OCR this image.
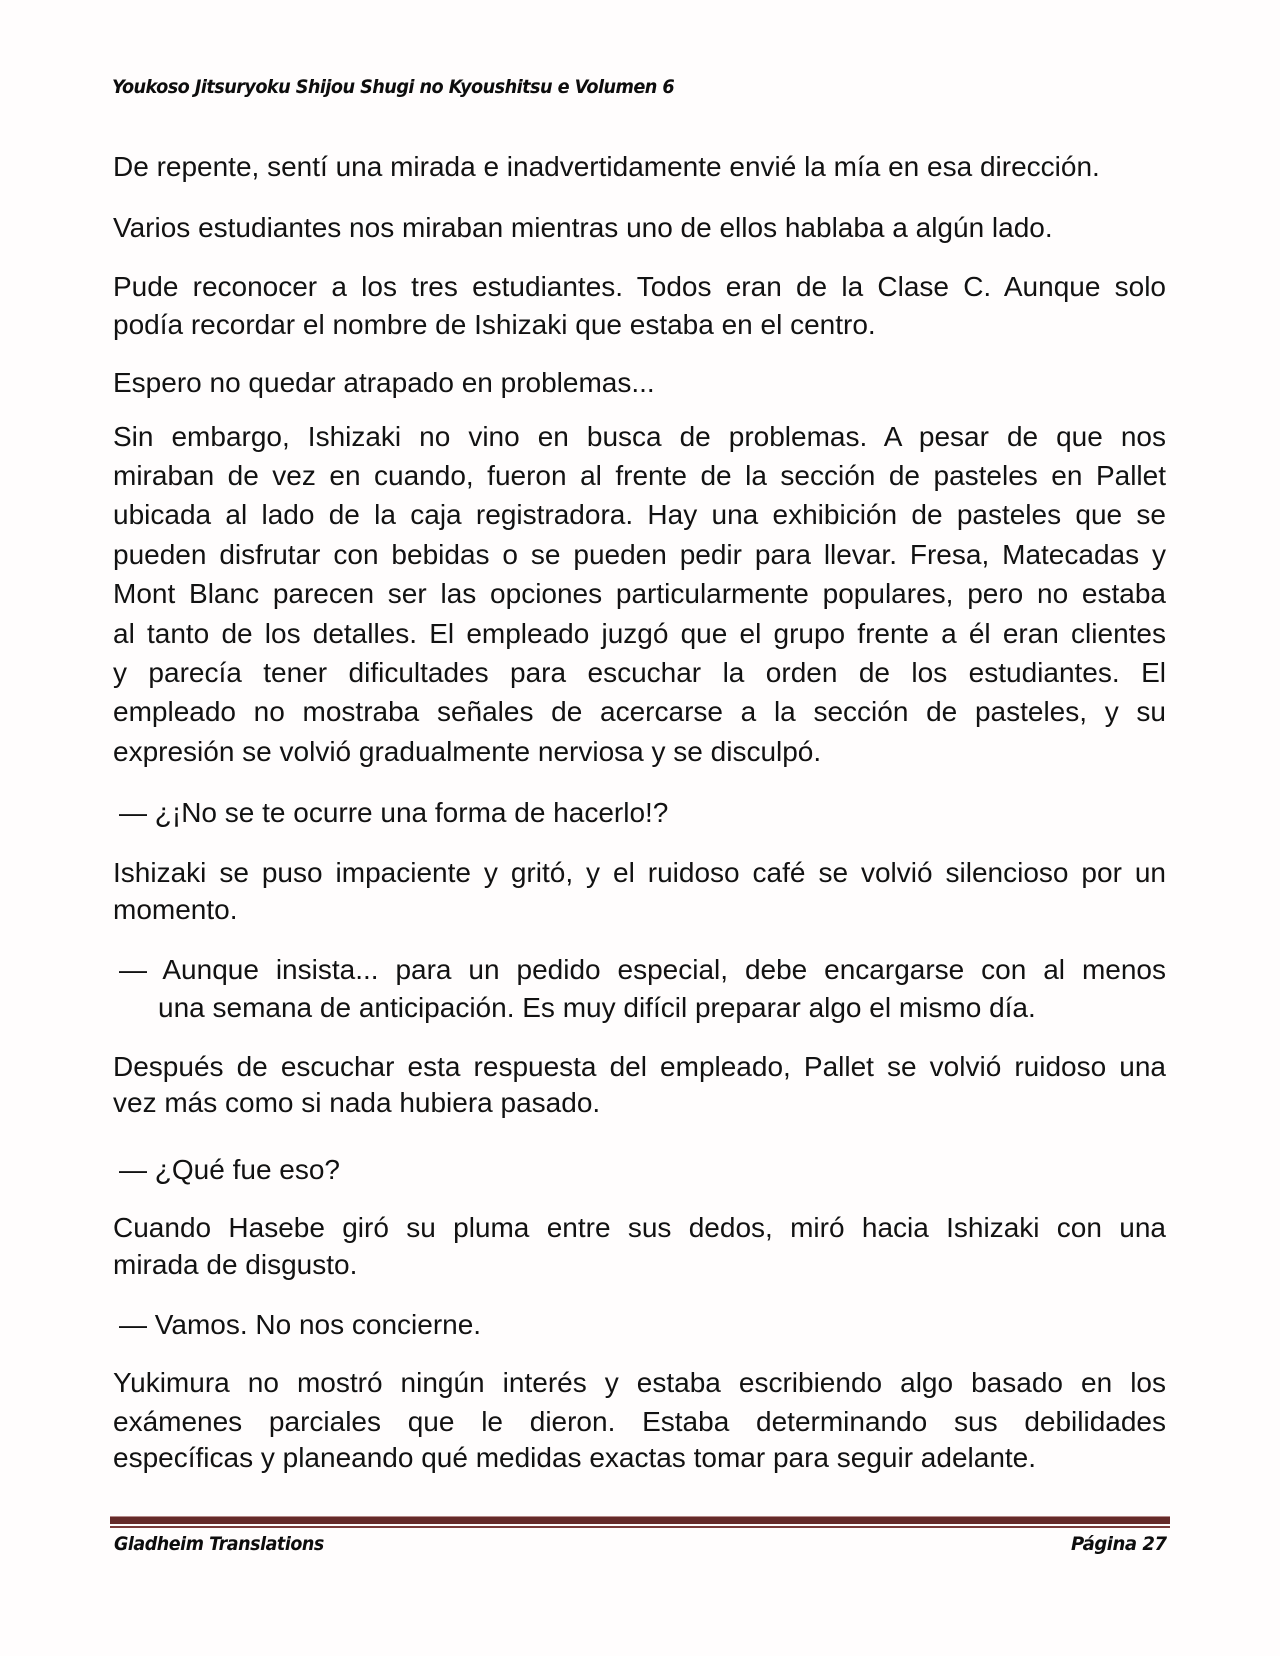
Youkoso Jitsuryoku Shijou Shugi no Kyoushitsu e Volumen 6
De repente, sentí una mirada e inadvertidamente envié la mía en esa dirección.
Varios estudiantes nos miraban mientras uno de ellos hablaba a algún lado.
Pude reconocer a los tres estudiantes. Todos eran de la Clase C. Aunque solo
podía recordar el nombre de Ishizaki que estaba en el centro.
Espero no quedar atrapado en problemas...
Sin embargo, Ishizaki no vino en busca de problemas. A pesar de que nos
miraban de vez en cuando, fueron al frente de la sección de pasteles en Pallet
ubicada al lado de la caja registradora. Hay una exhibición de pasteles que se
pueden disfrutar con bebidas o se pueden pedir para llevar. Fresa, Matecadas y
Mont Blanc parecen ser las opciones particularmente populares, pero no estaba
al tanto de los detalles. El empleado juzgó que el grupo frente a él eran clientes
y parecía tener dificultades para escuchar la orden de los estudiantes. El
empleado no mostraba señales de acercarse a la sección de pasteles, y su
expresión se volvió gradualmente nerviosa y se disculpó.
— ¿¡No se te ocurre una forma de hacerlo!?
Ishizaki se puso impaciente y gritó, y el ruidoso café se volvió silencioso por un
momento.
— Aunque insista... para un pedido especial, debe encargarse con al menos
una semana de anticipación. Es muy difícil preparar algo el mismo día.
Después de escuchar esta respuesta del empleado, Pallet se volvió ruidoso una
vez más como si nada hubiera pasado.
— ¿Qué fue eso?
Cuando Hasebe giró su pluma entre sus dedos, miró hacia Ishizaki con una
mirada de disgusto.
— Vamos. No nos concierne.
Yukimura no mostró ningún interés y estaba escribiendo algo basado en los
exámenes parciales que le dieron. Estaba determinando sus debilidades
específicas y planeando qué medidas exactas tomar para seguir adelante.
Gladheim Translations	Página 27
